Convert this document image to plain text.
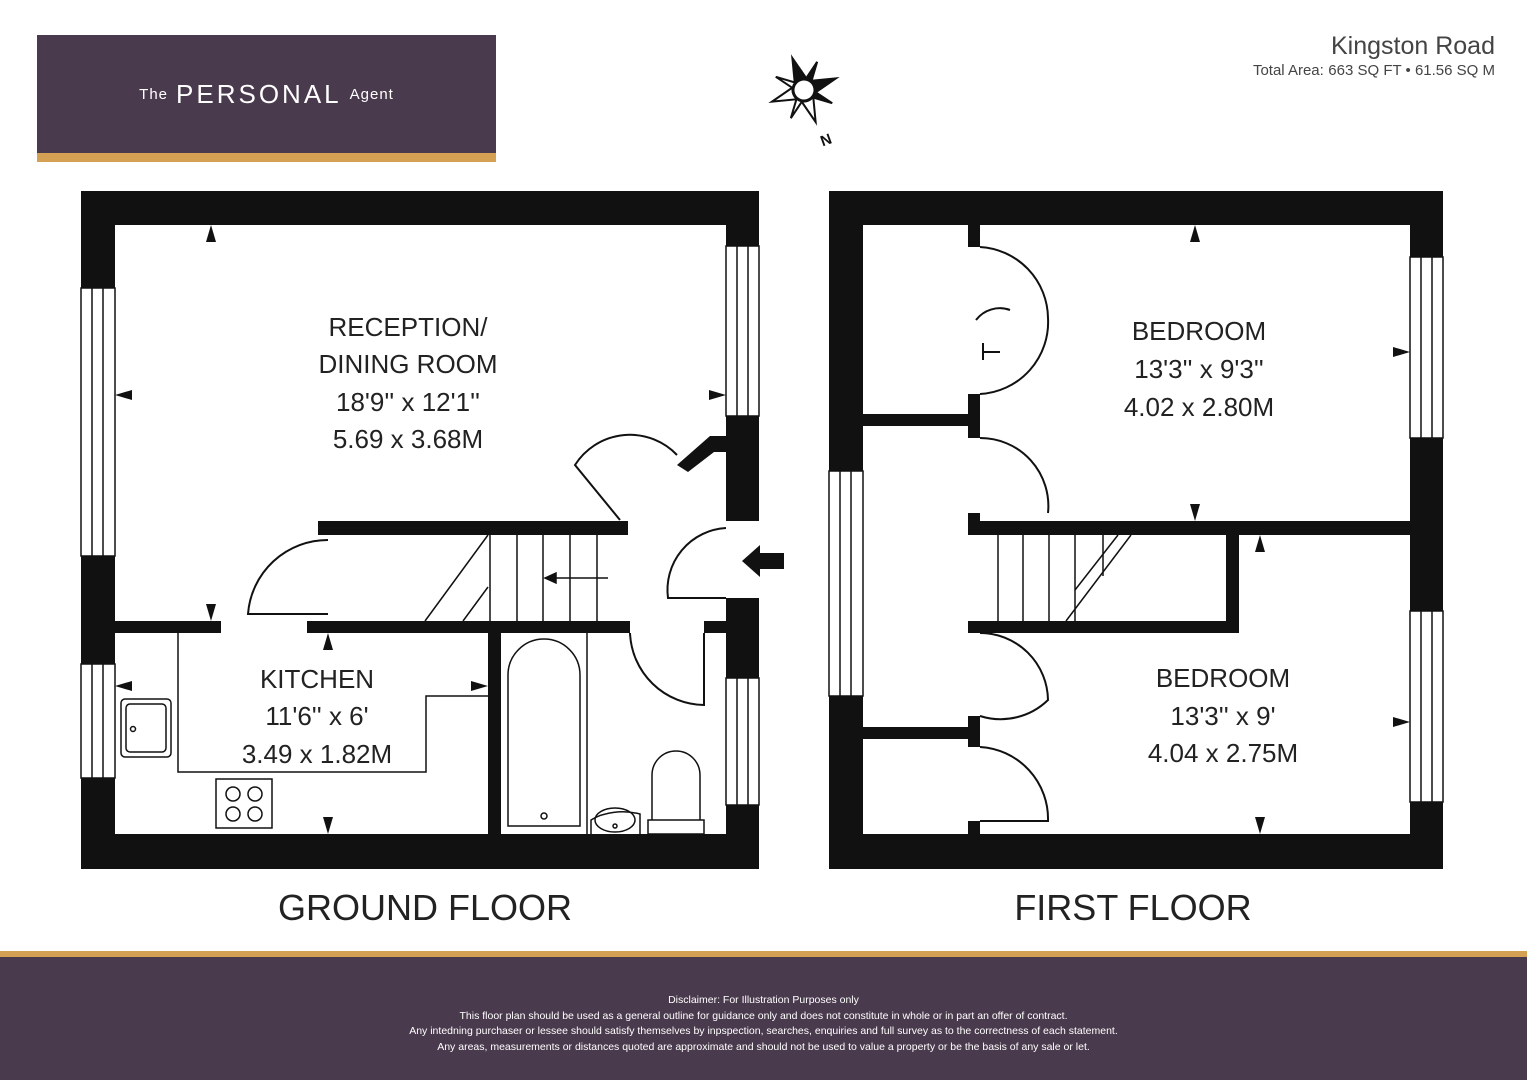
The PERSONAL Agent
Kingston Road
Total Area: 663 SQ FT • 61.56 SQ M
N
RECEPTION/
DINING ROOM
18'9'' x 12'1''
5.69 x 3.68M
KITCHEN
11'6'' x 6'
3.49 x 1.82M
BEDROOM
13'3'' x 9'3''
4.02 x 2.80M
BEDROOM
13'3'' x 9'
4.04 x 2.75M
GROUND FLOOR	FIRST FLOOR
Disclaimer: For Illustration Purposes only
This floor plan should be used as a general outline for guidance only and does not constitute in whole or in part an offer of contract.
Any intedning purchaser or lessee should satisfy themselves by inpspection, searches, enquiries and full survey as to the correctness of each statement.
Any areas, measurements or distances quoted are approximate and should not be used to value a property or be the basis of any sale or let.
